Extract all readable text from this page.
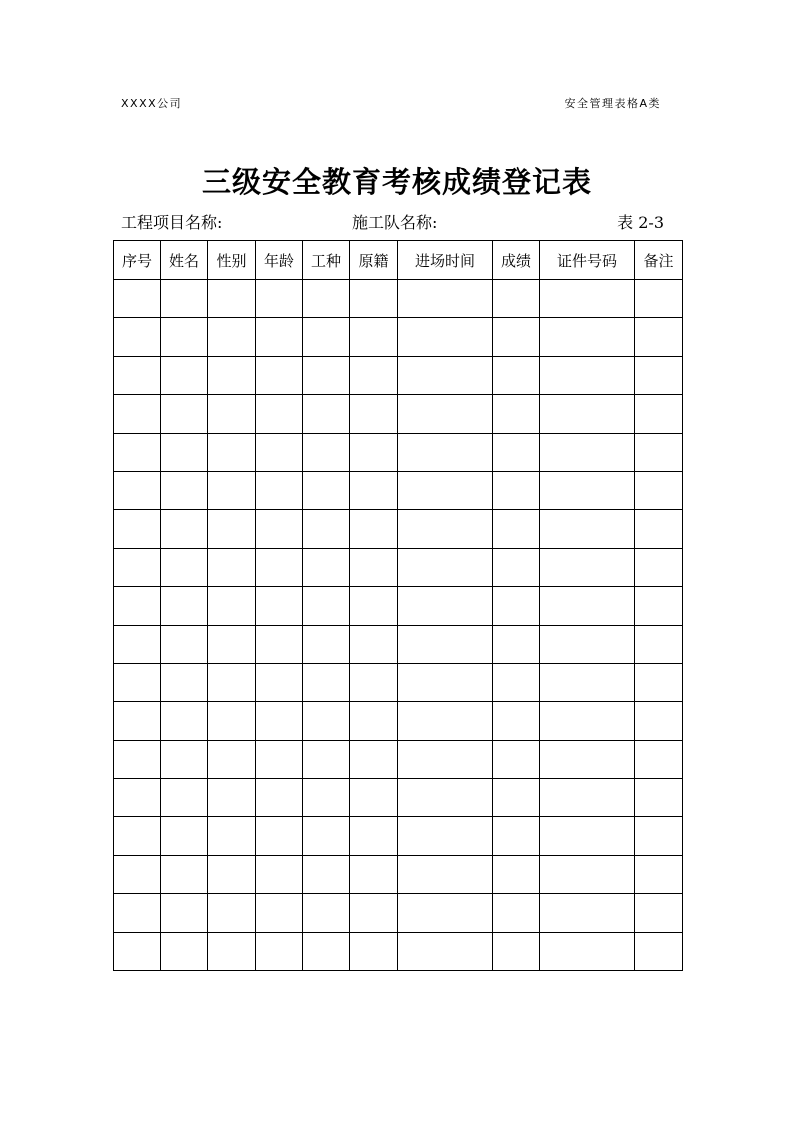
XXXX公司	安全管理表格A类
三级安全教育考核成绩登记表
工程项目名称:	施工队名称:	表 2-3
序号	姓名	性别	年龄	工种	原籍	进场时间	成绩	证件号码	备注
